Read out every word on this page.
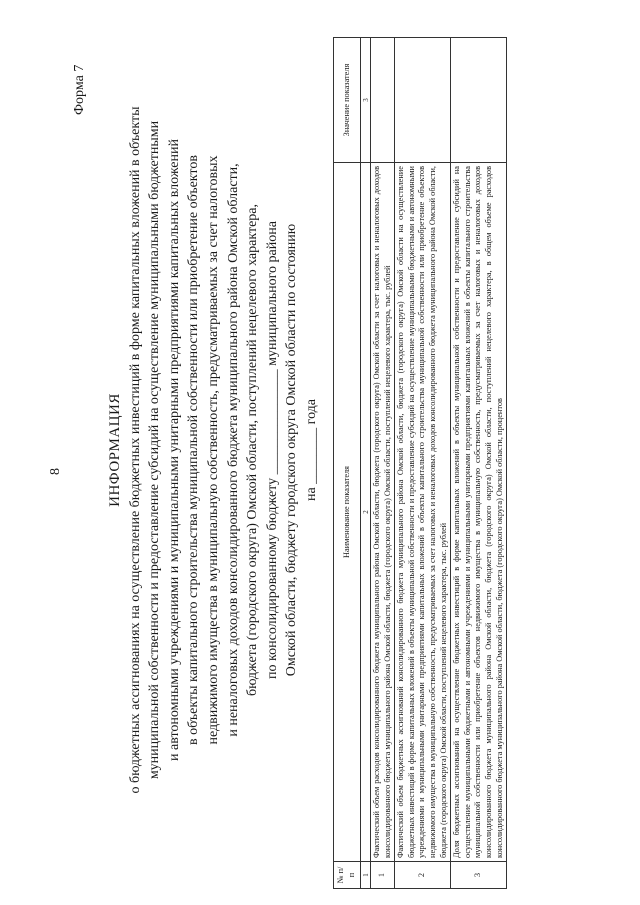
8
Форма 7
ИНФОРМАЦИЯ о бюджетных ассигнованиях на осуществление бюджетных инвестиций в форме капитальных вложений в объекты муниципальной собственности и предоставление субсидий на осуществление муниципальными бюджетными и автономными учреждениями и муниципальными унитарными предприятиями капитальных вложений в объекты капитального строительства муниципальной собственности или приобретение объектов недвижимого имущества в муниципальную собственность, предусматриваемых за счет налоговых и неналоговых доходов консолидированного бюджета муниципального района Омской области, бюджета (городского округа) Омской области, поступлений нецелевого характера, по консолидированному бюджету _______________ муниципального района Омской области, бюджету городского округа Омской области по состоянию на ________ года
№ п/п	Наименование показателя	Значение показателя
1	2	3
1	Фактический объем расходов консолидированного бюджета муниципального района Омской области, бюджета (городского округа) Омской области за счет налоговых и неналоговых доходов консолидированного бюджета муниципального района Омской области, бюджета (городского округа) Омской области, поступлений нецелевого характера, тыс. рублей	
2	Фактический объем бюджетных ассигнований консолидированного бюджета муниципального района Омской области, бюджета (городского округа) Омской области на осуществление бюджетных инвестиций в форме капитальных вложений в объекты муниципальной собственности и предоставление субсидий на осуществление муниципальными бюджетными и автономными учреждениями и муниципальными унитарными предприятиями капитальных вложений в объекты капитального строительства муниципальной собственности или приобретение объектов недвижимого имущества в муниципальную собственность, предусматриваемых за счет налоговых и неналоговых доходов консолидированного бюджета муниципального района Омской области, бюджета (городского округа) Омской области, поступлений нецелевого характера, тыс. рублей	
3	Доля бюджетных ассигнований на осуществление бюджетных инвестиций в форме капитальных вложений в объекты муниципальной собственности и предоставление субсидий на осуществление муниципальными бюджетными и автономными учреждениями и муниципальными унитарными предприятиями капитальных вложений в объекты капитального строительства муниципальной собственности или приобретение объектов недвижимого имущества в муниципальную собственность, предусматриваемых за счет налоговых и неналоговых доходов консолидированного бюджета муниципального района Омской области, бюджета (городского округа) Омской области, поступлений нецелевого характера, в общем объеме расходов консолидированного бюджета муниципального района Омской области, бюджета (городского округа) Омской области, процентов	
